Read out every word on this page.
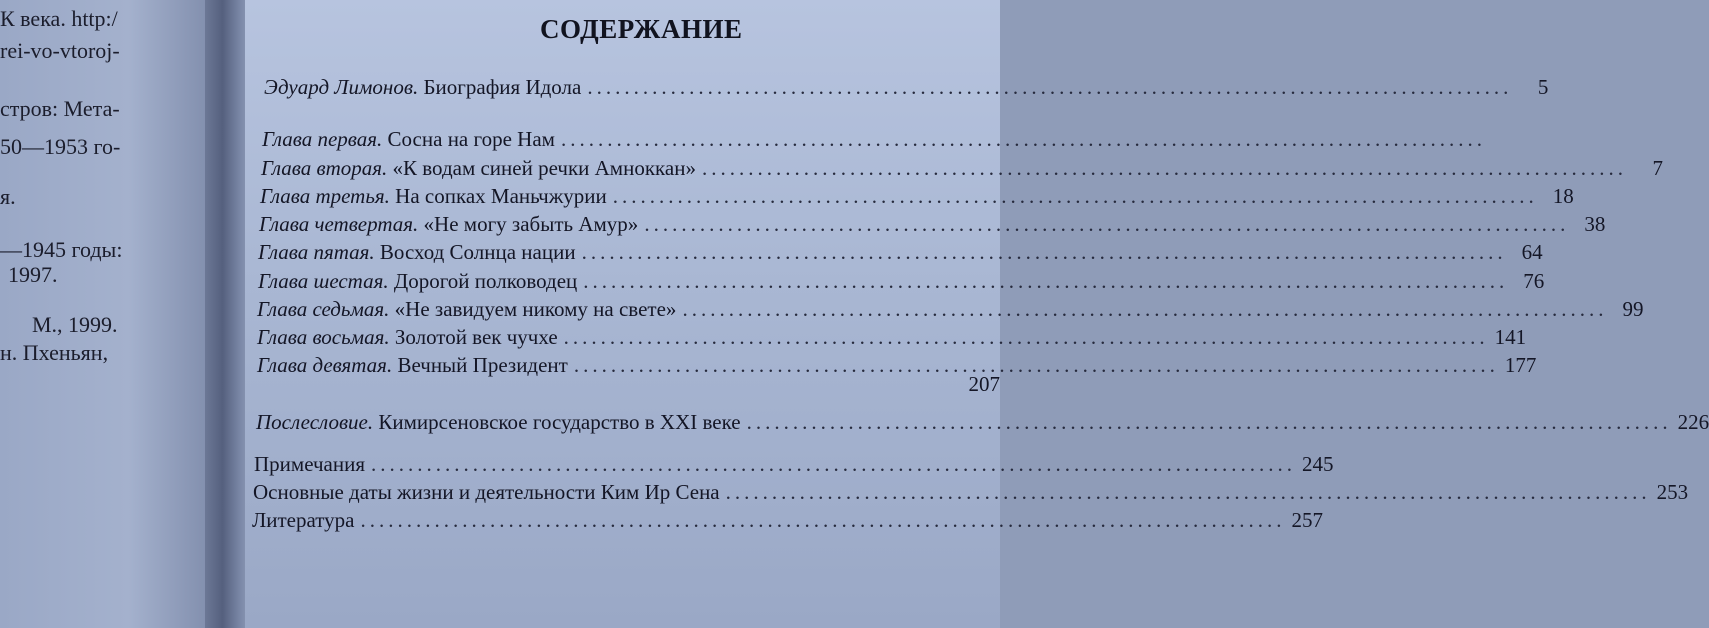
К века. http:/
rei-vo-vtoroj-
стров: Мета-
50—1953 го-
я.
—1945 годы:
1997.
М., 1999.
н. Пхеньян,
СОДЕРЖАНИЕ
Эдуард Лимонов.
Биография Идола ....................................................................................................	5
Глава первая.
Сосна на горе Нам ....................................................................................................
Глава вторая.
«К водам синей речки Амноккан» ....................................................................................................	7
Глава третья.
На сопках Маньчжурии .................................................................................................... 18
Глава четвертая.
«Не могу забыть Амур» .................................................................................................... 38
Глава пятая.
Восход Солнца нации .................................................................................................... 64
Глава шестая.
Дорогой полководец .................................................................................................... 76
Глава седьмая.
«Не завидуем никому на свете» .................................................................................................... 99
Глава восьмая.
Золотой век чучхе .................................................................................................... 141
Глава девятая.
Вечный Президент .................................................................................................... 177
207
Послесловие.
Кимирсеновское государство в XXI веке .................................................................................................... 226
Примечания .................................................................................................... 245
Основные даты жизни и деятельности Ким Ир Сена .................................................................................................... 253
Литература .................................................................................................... 257
